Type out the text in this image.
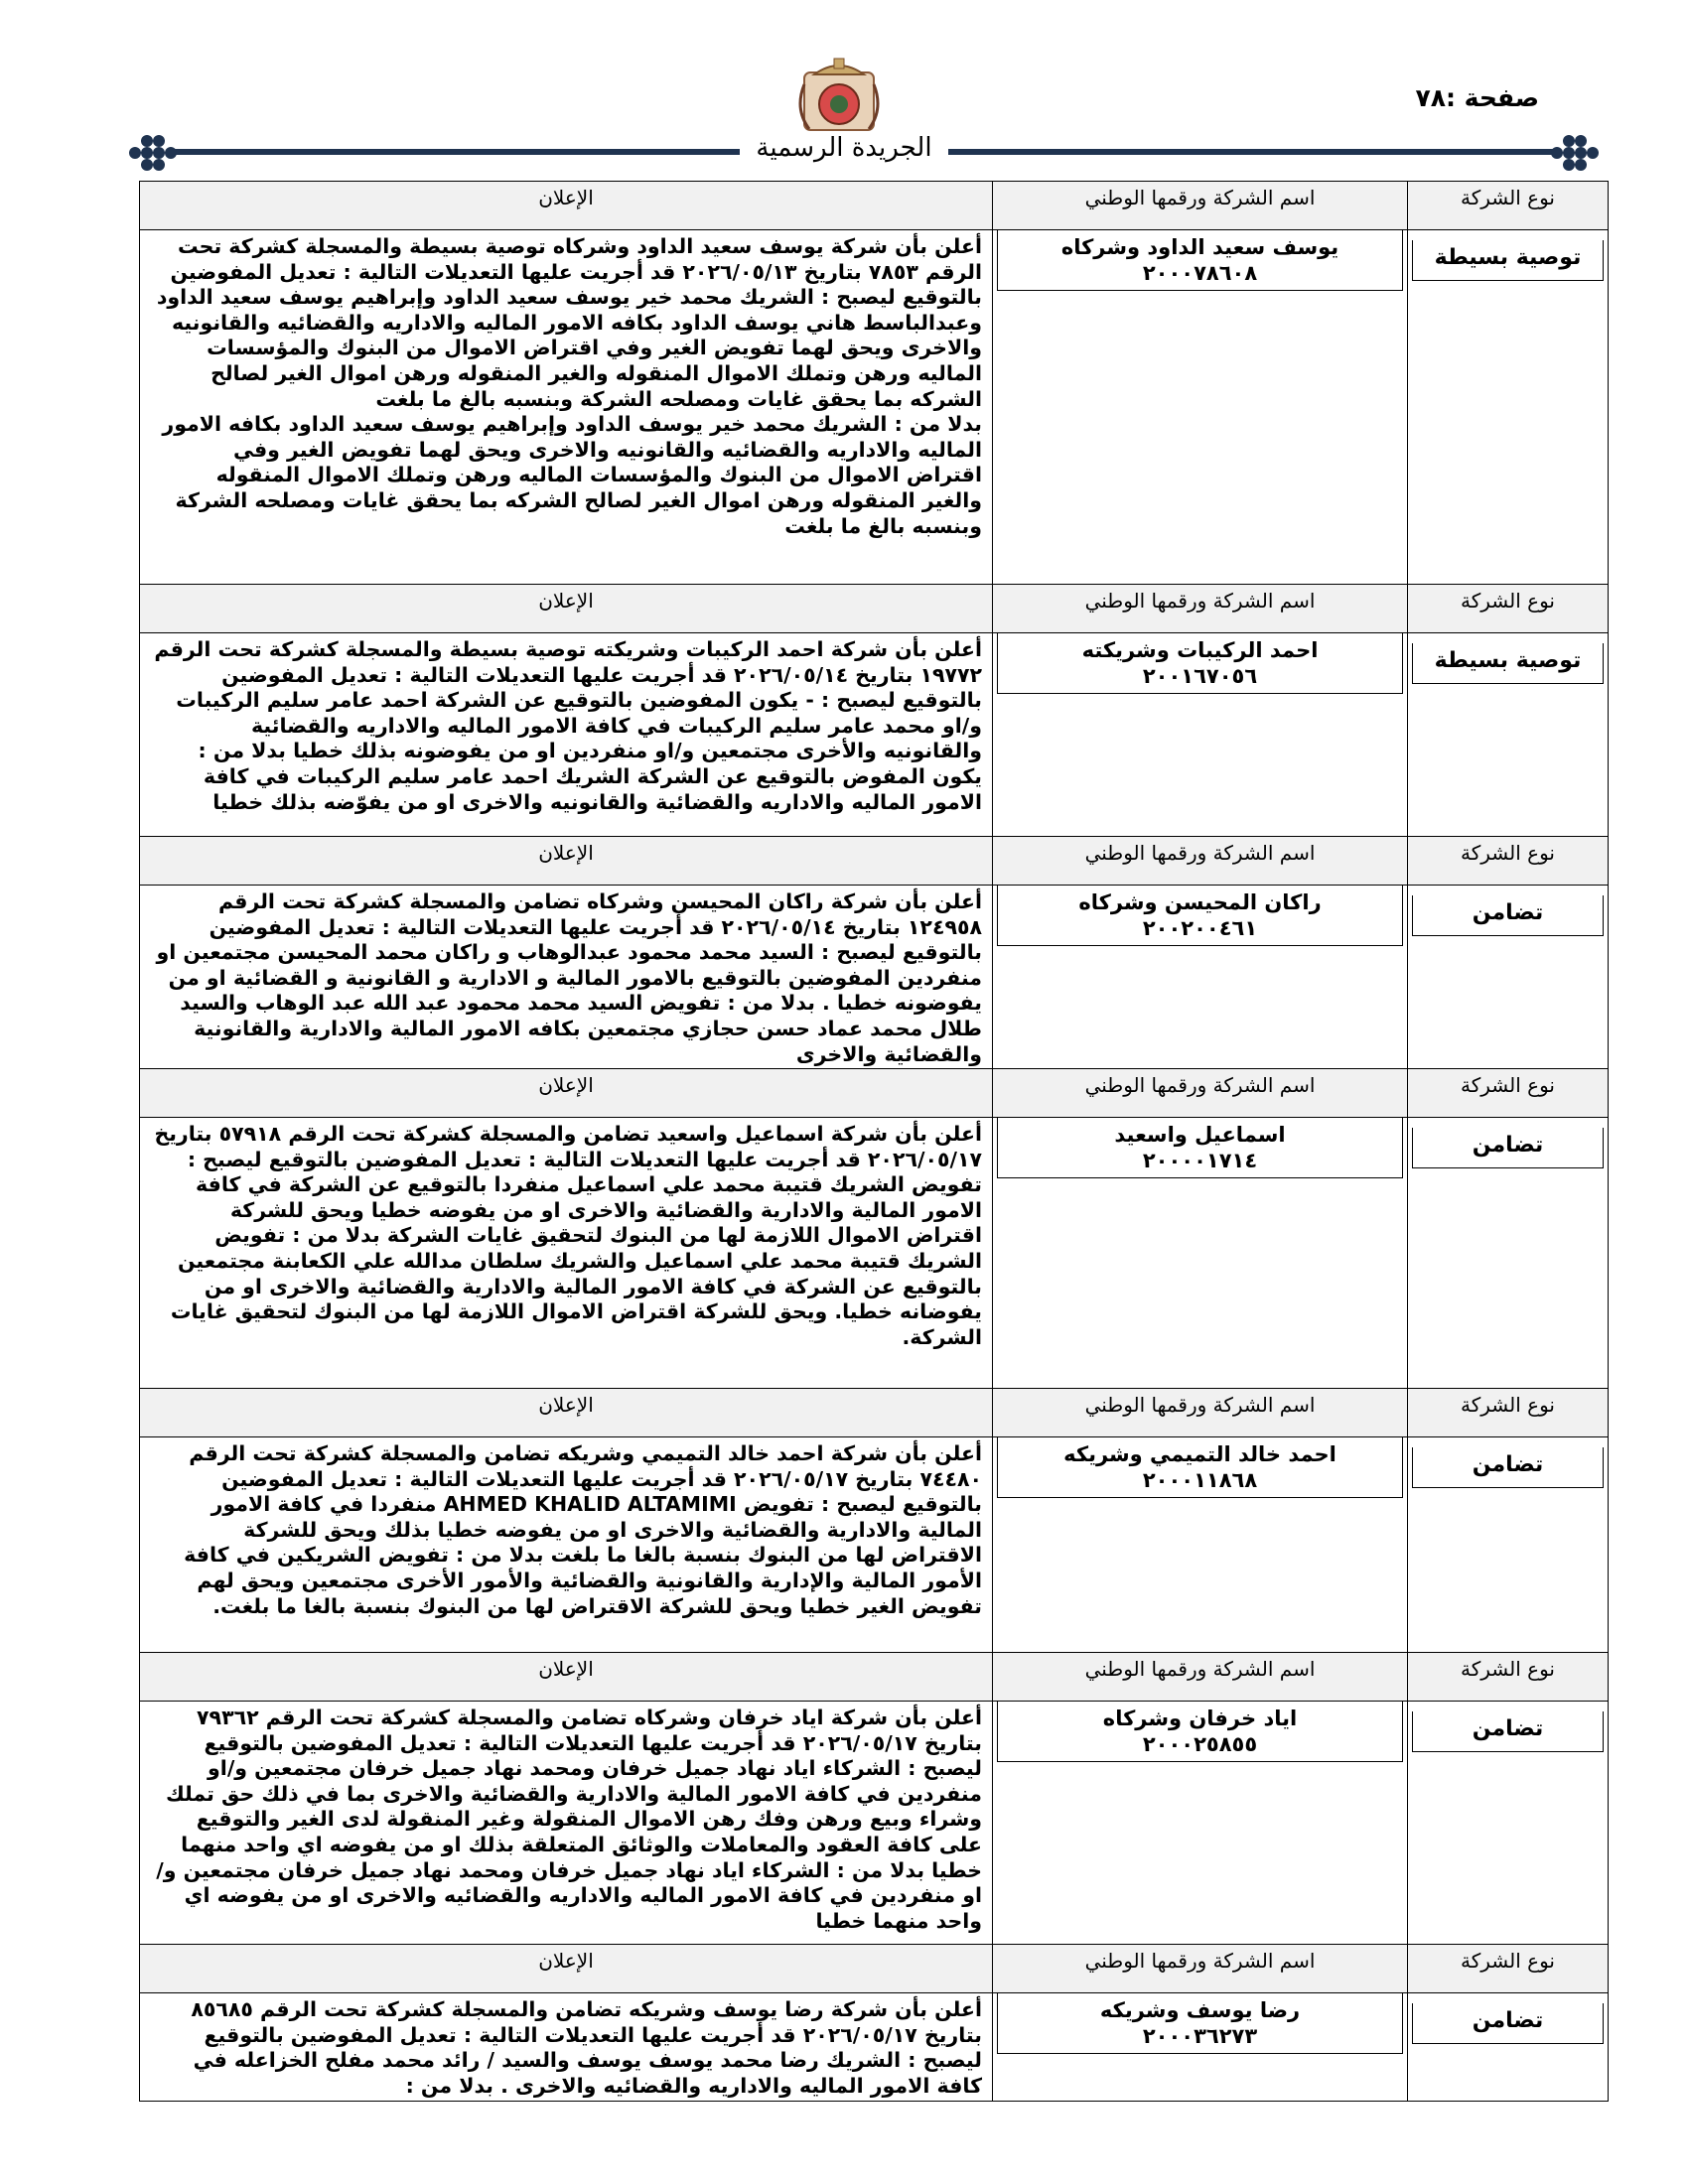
صفحة :٧٨
الجريدة الرسمية
نوع الشركة
اسم الشركة ورقمها الوطني
الإعلان
توصية بسيطة
يوسف سعيد الداود وشركاه
٢٠٠٠٧٨٦٠٨

أعلن بأن شركة يوسف سعيد الداود وشركاه توصية بسيطة والمسجلة كشركة تحت الرقم ٧٨٥٣ بتاريخ ٢٠٢٦/٠٥/١٣ قد أجريت عليها التعديلات التالية : تعديل المفوضين بالتوقيع ليصبح : الشريك محمد خير يوسف سعيد الداود وإبراهيم يوسف سعيد الداود وعبدالباسط هاني يوسف الداود بكافه الامور الماليه والاداريه والقضائيه والقانونيه والاخرى ويحق لهما تفويض الغير وفي اقتراض الاموال من البنوك والمؤسسات الماليه ورهن وتملك الاموال المنقوله والغير المنقوله ورهن اموال الغير لصالح الشركه بما يحقق غايات ومصلحه الشركة وبنسبه بالغ ما بلغت

بدلا من : الشريك محمد خير يوسف الداود وإبراهيم يوسف سعيد الداود بكافه الامور الماليه والاداريه والقضائيه والقانونيه والاخرى ويحق لهما تفويض الغير وفي اقتراض الاموال من البنوك والمؤسسات الماليه ورهن وتملك الاموال المنقوله والغير المنقوله ورهن اموال الغير لصالح الشركه بما يحقق غايات ومصلحه الشركة وبنسبه بالغ ما بلغت

نوع الشركة
اسم الشركة ورقمها الوطني
الإعلان
توصية بسيطة
احمد الركيبات وشريكته
٢٠٠١٦٧٠٥٦

أعلن بأن شركة احمد الركيبات وشريكته توصية بسيطة والمسجلة كشركة تحت الرقم ١٩٧٧٢ بتاريخ ٢٠٢٦/٠٥/١٤ قد أجريت عليها التعديلات التالية : تعديل المفوضين بالتوقيع ليصبح : - يكون المفوضين بالتوقيع عن الشركة احمد عامر سليم الركيبات و/او محمد عامر سليم الركيبات في كافة الامور الماليه والاداريه والقضائية والقانونيه والأخرى مجتمعين و/او منفردين او من يفوضونه بذلك خطيا بدلا من : يكون المفوض بالتوقيع عن الشركة الشريك احمد عامر سليم الركيبات في كافة الامور الماليه والاداريه والقضائية والقانونيه والاخرى او من يفوّضه بذلك خطيا

نوع الشركة
اسم الشركة ورقمها الوطني
الإعلان
تضامن
راكان المحيسن وشركاه
٢٠٠٢٠٠٤٦١

أعلن بأن شركة راكان المحيسن وشركاه تضامن والمسجلة كشركة تحت الرقم ١٢٤٩٥٨ بتاريخ ٢٠٢٦/٠٥/١٤ قد أجريت عليها التعديلات التالية : تعديل المفوضين بالتوقيع ليصبح : السيد محمد محمود عبدالوهاب و راكان محمد المحيسن مجتمعين او منفردين المفوضين بالتوقيع بالامور المالية و الادارية و القانونية و القضائية او من يفوضونه خطيا . بدلا من : تفويض السيد محمد محمود عبد الله عبد الوهاب والسيد طلال محمد عماد حسن حجازي مجتمعين بكافه الامور المالية والادارية والقانونية والقضائية والاخرى

نوع الشركة
اسم الشركة ورقمها الوطني
الإعلان
تضامن
اسماعيل واسعيد
٢٠٠٠٠١٧١٤

أعلن بأن شركة اسماعيل واسعيد تضامن والمسجلة كشركة تحت الرقم ٥٧٩١٨ بتاريخ ٢٠٢٦/٠٥/١٧ قد أجريت عليها التعديلات التالية : تعديل المفوضين بالتوقيع ليصبح : تفويض الشريك قتيبة محمد علي اسماعيل منفردا بالتوقيع عن الشركة في كافة الامور المالية والادارية والقضائية والاخرى او من يفوضه خطيا ويحق للشركة اقتراض الاموال اللازمة لها من البنوك لتحقيق غايات الشركة بدلا من : تفويض الشريك قتيبة محمد علي اسماعيل والشريك سلطان مدالله علي الكعابنة مجتمعين بالتوقيع عن الشركة في كافة الامور المالية والادارية والقضائية والاخرى او من يفوضانه خطيا. ويحق للشركة اقتراض الاموال اللازمة لها من البنوك لتحقيق غايات الشركة.

نوع الشركة
اسم الشركة ورقمها الوطني
الإعلان
تضامن
احمد خالد التميمي وشريكه
٢٠٠٠١١٨٦٨

أعلن بأن شركة احمد خالد التميمي وشريكه تضامن والمسجلة كشركة تحت الرقم ٧٤٤٨٠ بتاريخ ٢٠٢٦/٠٥/١٧ قد أجريت عليها التعديلات التالية : تعديل المفوضين بالتوقيع ليصبح : تفويض AHMED KHALID ALTAMIMI منفردا في كافة الامور المالية والادارية والقضائية والاخرى او من يفوضه خطيا بذلك ويحق للشركة الاقتراض لها من البنوك بنسبة بالغا ما بلغت بدلا من : تفويض الشريكين في كافة الأمور المالية والإدارية والقانونية والقضائية والأمور الأخرى مجتمعين ويحق لهم تفويض الغير خطيا ويحق للشركة الاقتراض لها من البنوك بنسبة بالغا ما بلغت.

نوع الشركة
اسم الشركة ورقمها الوطني
الإعلان
تضامن
اياد خرفان وشركاه
٢٠٠٠٢٥٨٥٥

أعلن بأن شركة اياد خرفان وشركاه تضامن والمسجلة كشركة تحت الرقم ٧٩٣٦٢ بتاريخ ٢٠٢٦/٠٥/١٧ قد أجريت عليها التعديلات التالية : تعديل المفوضين بالتوقيع ليصبح : الشركاء اياد نهاد جميل خرفان ومحمد نهاد جميل خرفان مجتمعين و/او منفردين في كافة الامور المالية والادارية والقضائية والاخرى بما في ذلك حق تملك وشراء وبيع ورهن وفك رهن الاموال المنقولة وغير المنقولة لدى الغير والتوقيع على كافة العقود والمعاملات والوثائق المتعلقة بذلك او من يفوضه اي واحد منهما خطيا بدلا من : الشركاء اياد نهاد جميل خرفان ومحمد نهاد جميل خرفان مجتمعين و/او منفردين في كافة الامور الماليه والاداريه والقضائيه والاخرى او من يفوضه اي واحد منهما خطيا

نوع الشركة
اسم الشركة ورقمها الوطني
الإعلان
تضامن
رضا يوسف وشريكه
٢٠٠٠٣٦٢٧٣

أعلن بأن شركة رضا يوسف وشريكه تضامن والمسجلة كشركة تحت الرقم ٨٥٦٨٥ بتاريخ ٢٠٢٦/٠٥/١٧ قد أجريت عليها التعديلات التالية : تعديل المفوضين بالتوقيع ليصبح : الشريك رضا محمد يوسف يوسف والسيد / رائد محمد مفلح الخزاعله في كافة الامور الماليه والاداريه والقضائيه والاخرى . بدلا من :
